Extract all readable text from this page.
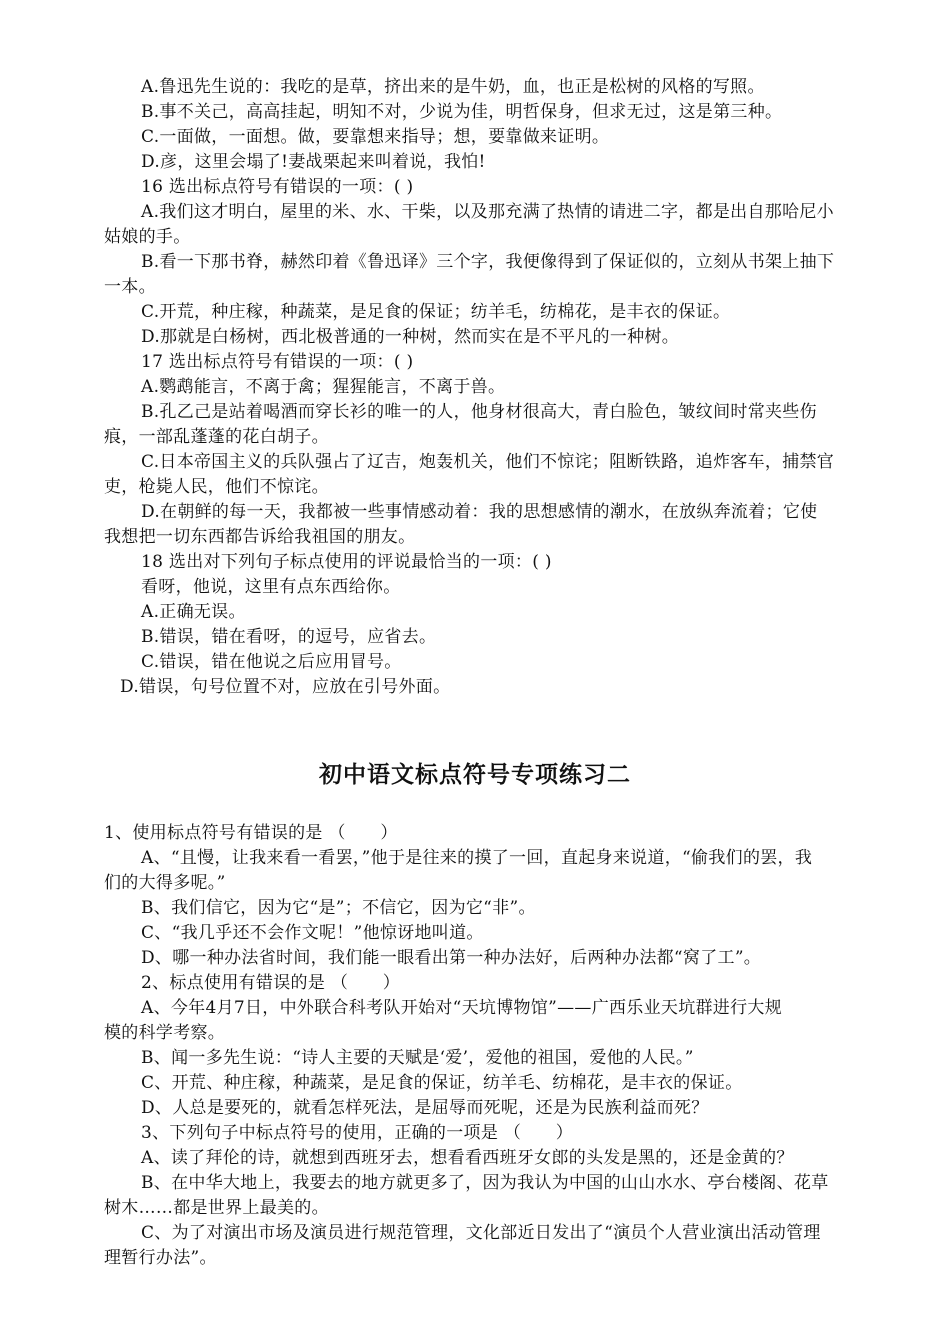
A.鲁迅先生说的：我吃的是草，挤出来的是牛奶，血，也正是松树的风格的写照。
B.事不关己，高高挂起，明知不对，少说为佳，明哲保身，但求无过，这是第三种。
C.一面做，一面想。做，要靠想来指导；想，要靠做来证明。
D.彦，这里会塌了!妻战栗起来叫着说，我怕!
16 选出标点符号有错误的一项：( )
A.我们这才明白，屋里的米、水、干柴，以及那充满了热情的请进二字，都是出自那哈尼小
姑娘的手。
B.看一下那书脊，赫然印着《鲁迅译》三个字，我便像得到了保证似的，立刻从书架上抽下
一本。
C.开荒，种庄稼，种蔬菜，是足食的保证；纺羊毛，纺棉花，是丰衣的保证。
D.那就是白杨树，西北极普通的一种树，然而实在是不平凡的一种树。
17 选出标点符号有错误的一项：( )
A.鹦鹉能言，不离于禽；猩猩能言，不离于兽。
B.孔乙己是站着喝酒而穿长衫的唯一的人，他身材很高大，青白脸色，皱纹间时常夹些伤
痕，一部乱蓬蓬的花白胡子。
C.日本帝国主义的兵队强占了辽吉，炮轰机关，他们不惊诧；阻断铁路，追炸客车，捕禁官
吏，枪毙人民，他们不惊诧。
D.在朝鲜的每一天，我都被一些事情感动着：我的思想感情的潮水，在放纵奔流着；它使
我想把一切东西都告诉给我祖国的朋友。
18 选出对下列句子标点使用的评说最恰当的一项：( )
看呀，他说，这里有点东西给你。
A.正确无误。
B.错误，错在看呀，的逗号，应省去。
C.错误，错在他说之后应用冒号。
D.错误，句号位置不对，应放在引号外面。
初中语文标点符号专项练习二
1、使用标点符号有错误的是 （　　）
A、“且慢，让我来看一看罢，”他于是往来的摸了一回，直起身来说道，“偷我们的罢，我
们的大得多呢。”
B、我们信它，因为它“是”；不信它，因为它“非”。
C、“我几乎还不会作文呢！”他惊讶地叫道。
D、哪一种办法省时间，我们能一眼看出第一种办法好，后两种办法都“窝了工”。
2、标点使用有错误的是 （　　）
A、今年4月7日，中外联合科考队开始对“天坑博物馆”——广西乐业天坑群进行大规
模的科学考察。
B、闻一多先生说：“诗人主要的天赋是‘爱’，爱他的祖国，爱他的人民。”
C、开荒、种庄稼，种蔬菜，是足食的保证，纺羊毛、纺棉花，是丰衣的保证。
D、人总是要死的，就看怎样死法，是屈辱而死呢，还是为民族利益而死？
3、下列句子中标点符号的使用，正确的一项是 （　　）
A、读了拜伦的诗，就想到西班牙去，想看看西班牙女郎的头发是黑的，还是金黄的？
B、在中华大地上，我要去的地方就更多了，因为我认为中国的山山水水、亭台楼阁、花草
树木……都是世界上最美的。
C、为了对演出市场及演员进行规范管理，文化部近日发出了“演员个人营业演出活动管理
理暂行办法”。
